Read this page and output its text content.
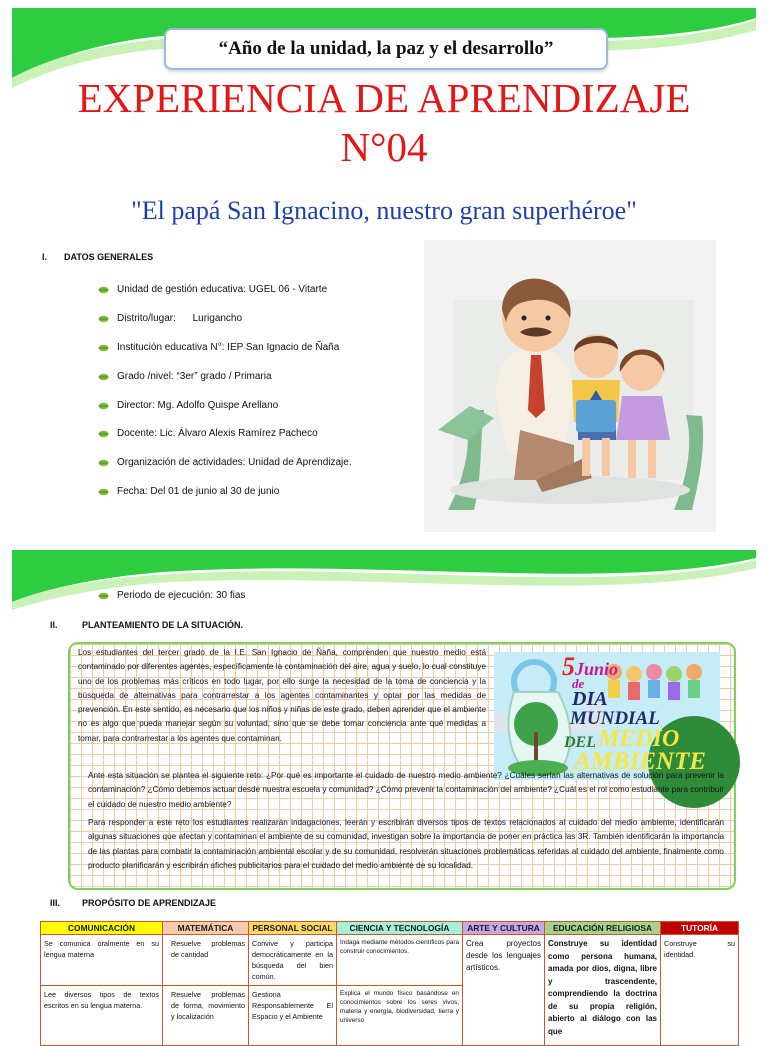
“Año de la unidad, la paz y el desarrollo”
EXPERIENCIA DE APRENDIZAJE
N°04
"El papá San Ignacino, nuestro gran superhéroe"
I. DATOS GENERALES
Unidad de gestión educativa: UGEL 06 - Vitarte
Distrito/lugar:      Lurigancho
Institución educativa N°: IEP San Ignacio de Ñaña
Grado /nivel: “3er” grado / Primaria
Director: Mg. Adolfo Quispe Arellano
Docente: Lic. Álvaro Alexis Ramírez Pacheco
Organización de actividades: Unidad de Aprendizaje.
Fecha: Del 01 de junio al 30 de junio
Periodo de ejecución: 30 fias
II.	PLANTEAMIENTO DE LA SITUACIÓN.

Los estudiantes del tercer grado de la I.E. San Ignacio de Ñaña, comprenden que nuestro medio está contaminado por diferentes agentes, específicamente la contaminación del aire, agua y suelo, lo cual constituye uno de los problemas más críticos en todo lugar, por ello surge la necesidad de la toma de conciencia y la búsqueda de alternativas para contrarrestar a los agentes contaminantes y optar por las medidas de prevención. En este sentido, es necesario que los niños y niñas de este grado, deben aprender que el ambiente no es algo que pueda manejar según su voluntad, sino que se debe tomar conciencia ante qué medidas a tomar, para contrarrestar a los agentes que contaminan.

5Junio
de
DIA
MUNDIAL
DEL MEDIO
AMBIENTE

Ante esta situación se plantea el siguiente reto: ¿Por qué es importante el cuidado de nuestro medio ambiente? ¿Cuáles serían las alternativas de solución para prevenir la contaminación? ¿Cómo debemos actuar desde nuestra escuela y comunidad? ¿Cómo prevenir la contaminación del ambiente? ¿Cuál es el rol como estudiante para contribuir el cuidado de nuestro medio ambiente?

Para responder a este reto los estudiantes realizarán indagaciones, leerán y escribirán diversos tipos de textos relacionados al cuidado del medio ambiente, identificarán algunas situaciones que afectan y contaminan el ambiente de su comunidad, investigan sobre la importancia de poner en práctica las 3R. También identificarán la importancia de las plantas para combatir la contaminación ambiental escolar y de su comunidad, resolverán situaciones problemáticas referidas al cuidado del ambiente, finalmente como producto planificarán y escribirán afiches publicitarios para el cuidado del medio ambiente de su localidad.

III. PROPÓSITO DE APRENDIZAJE
COMUNICACIÓN	MATEMÁTICA	PERSONAL SOCIAL	CIENCIA Y TECNOLOGÍA	ARTE Y CULTURA	EDUCACIÓN RELIGIOSA	TUTORÍA
Se comunica oralmente en su lengua materna	Resuelve problemas de cantidad	Convive y participa democráticamente en la búsqueda del bien común.	Indaga mediante métodos científicos para construir conocimientos.	Crea proyectos desde los lenguajes artísticos.	Construye su identidad como persona humana, amada por dios, digna, libre y trascendente, comprendiendo la doctrina de su propia religión, abierto al diálogo con las que	Construye su identidad.
Lee diversos tipos de textos escritos en su lengua materna.	Resuelve problemas de forma, movimiento y localización	Gestiona Responsablemente El Espacio y el Ambiente	Explica el mundo físico basándose en conocimientos sobre los seres vivos, materia y energía, biodiversidad, tierra y universo			
